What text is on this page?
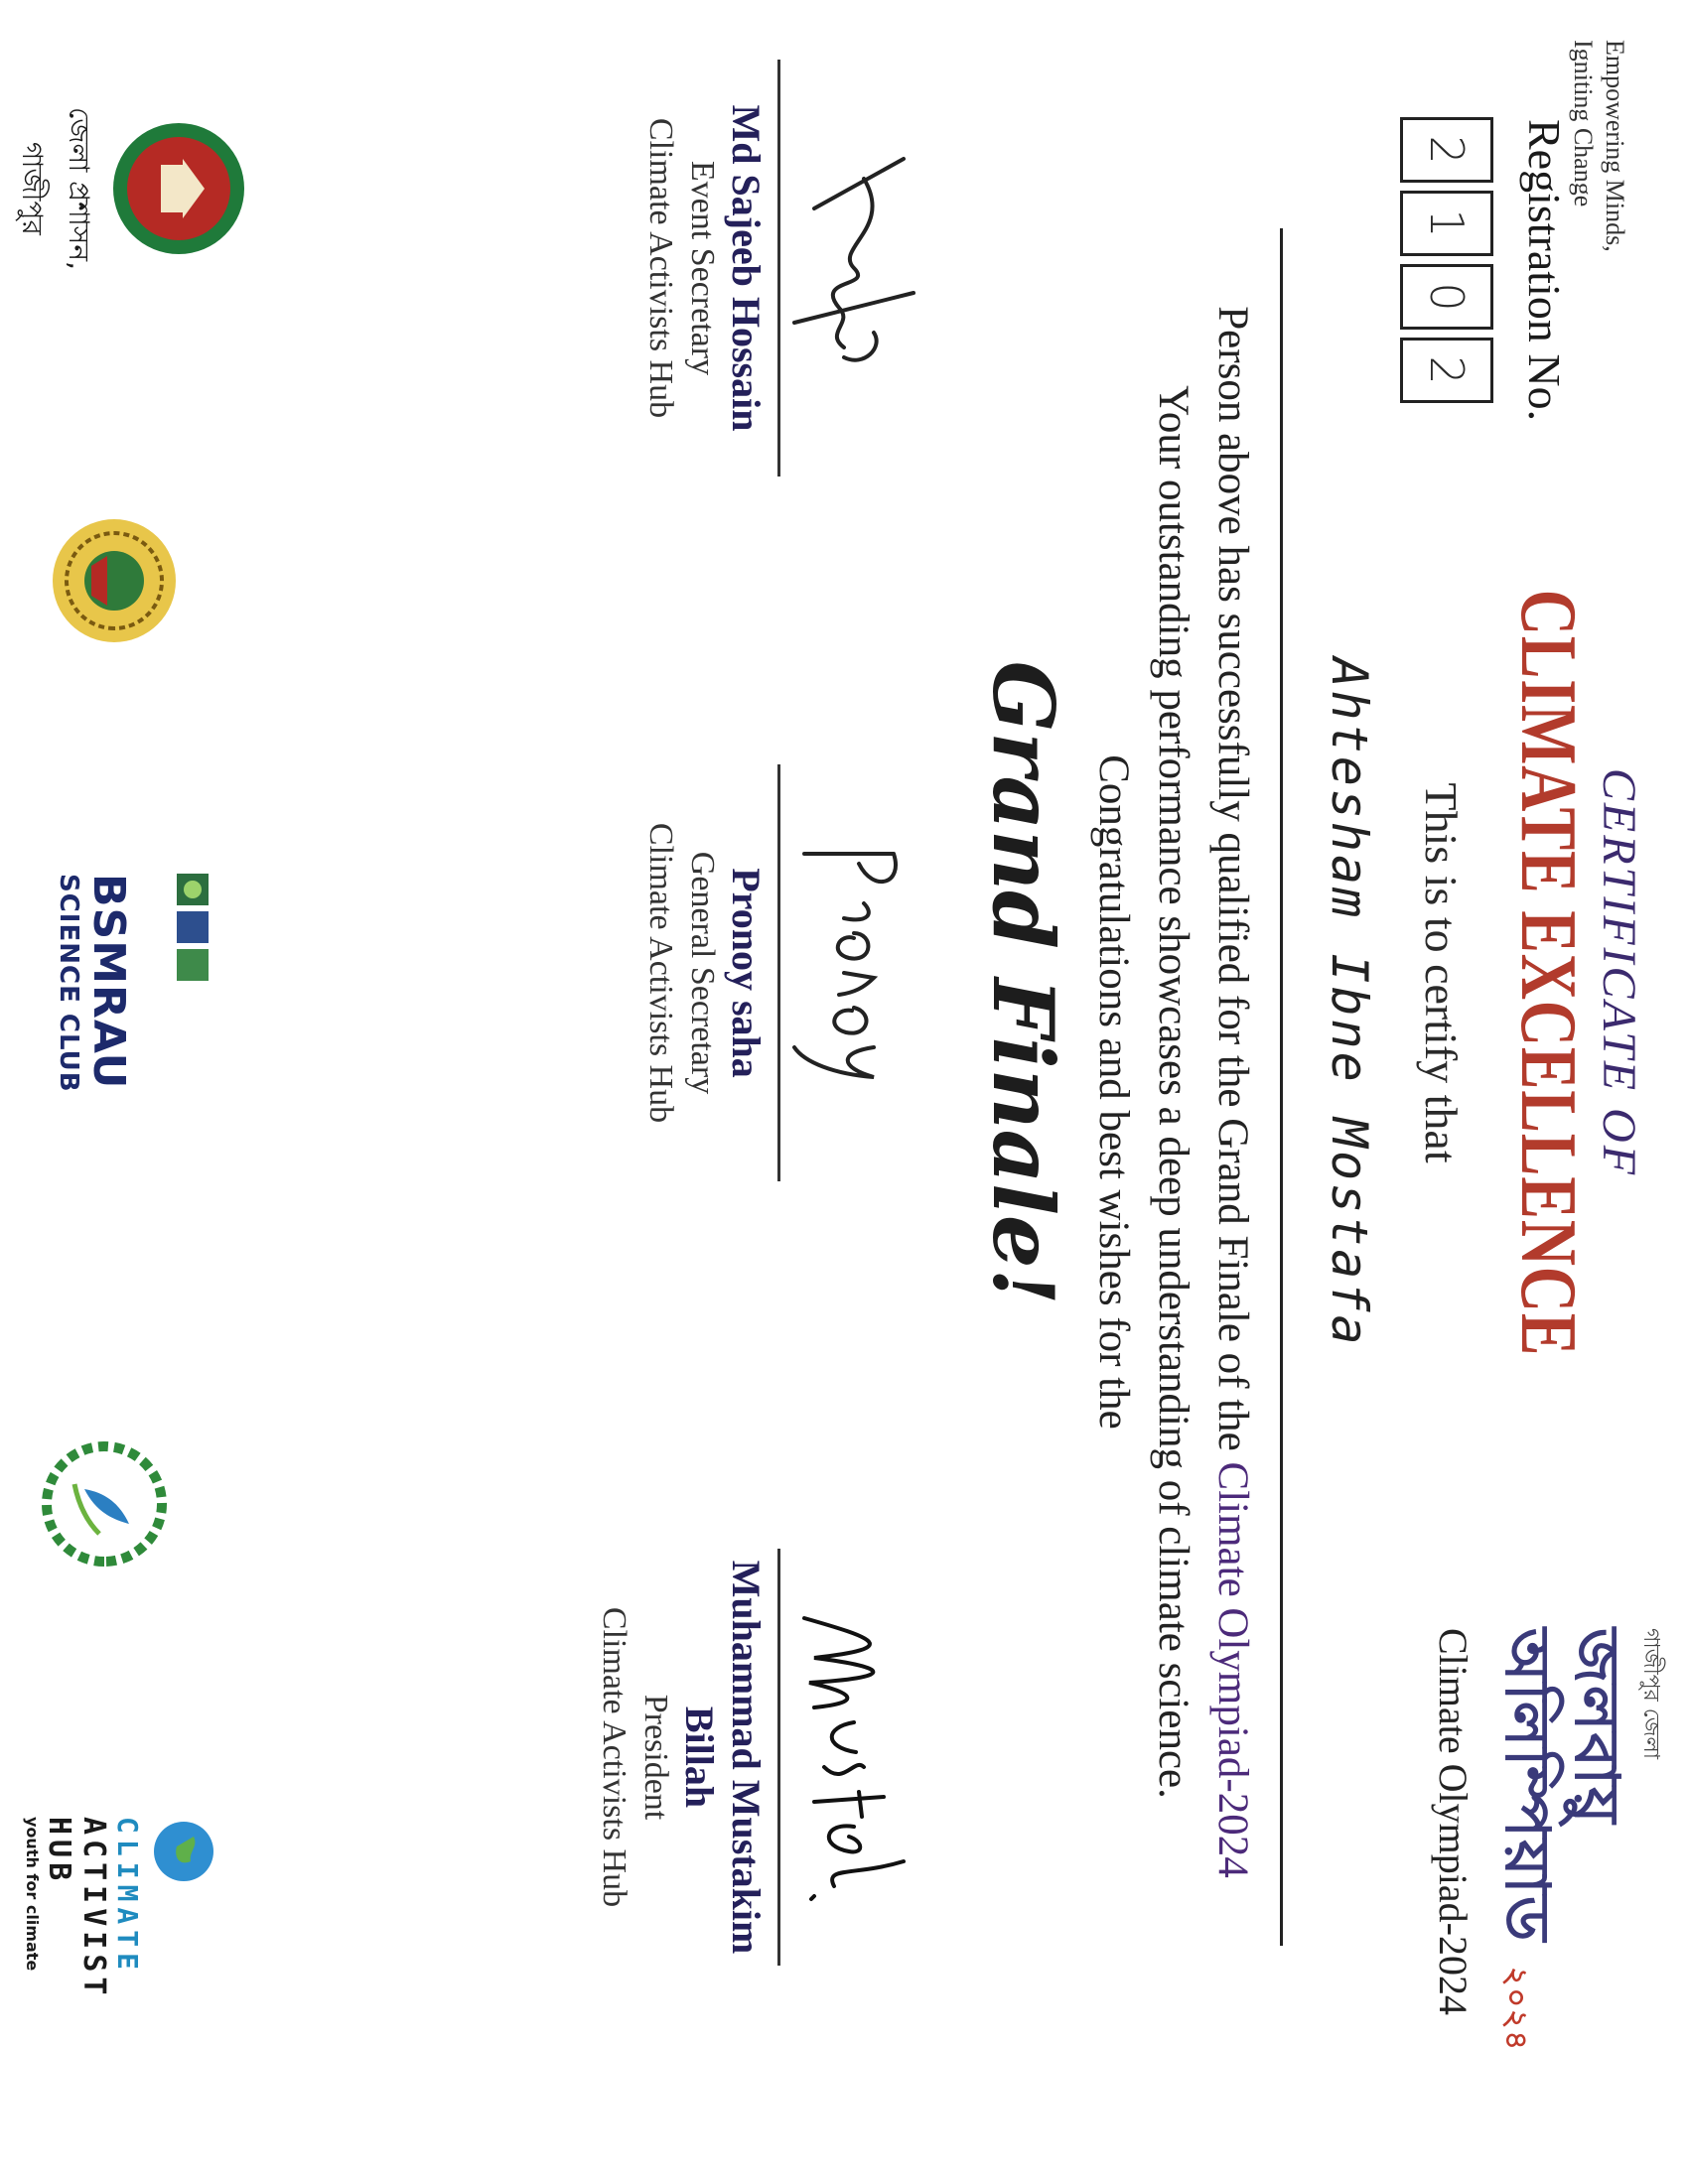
Empowering Minds, Igniting Change
Registration No.
2
1
0
2
CERTIFICATE OF
CLIMATE EXCELLENCE
This is to certify that
Ahtesham Ibne Mostafa
Person above has successfully qualified for the Grand Finale of the Climate Olympiad-2024
Your outstanding performance showcases a deep understanding of climate science.
Congratulations and best wishes for the
Grand Finale!
Md Sajeeb Hossain
Event Secretary
Climate Activists Hub
Pronoy saha
General Secretary
Climate Activists Hub
Muhammad Mustakim Billah
President
Climate Activists Hub
জেলা প্রশাসন, গাজীপুর
BSMRAU
SCIENCE CLUB
CLIMATE
ACTIVIST HUB
youth for climate
গাজীপুর জেলা
জলবায়ু অলিম্পিয়াড ২০২৪
Climate Olympiad-2024
